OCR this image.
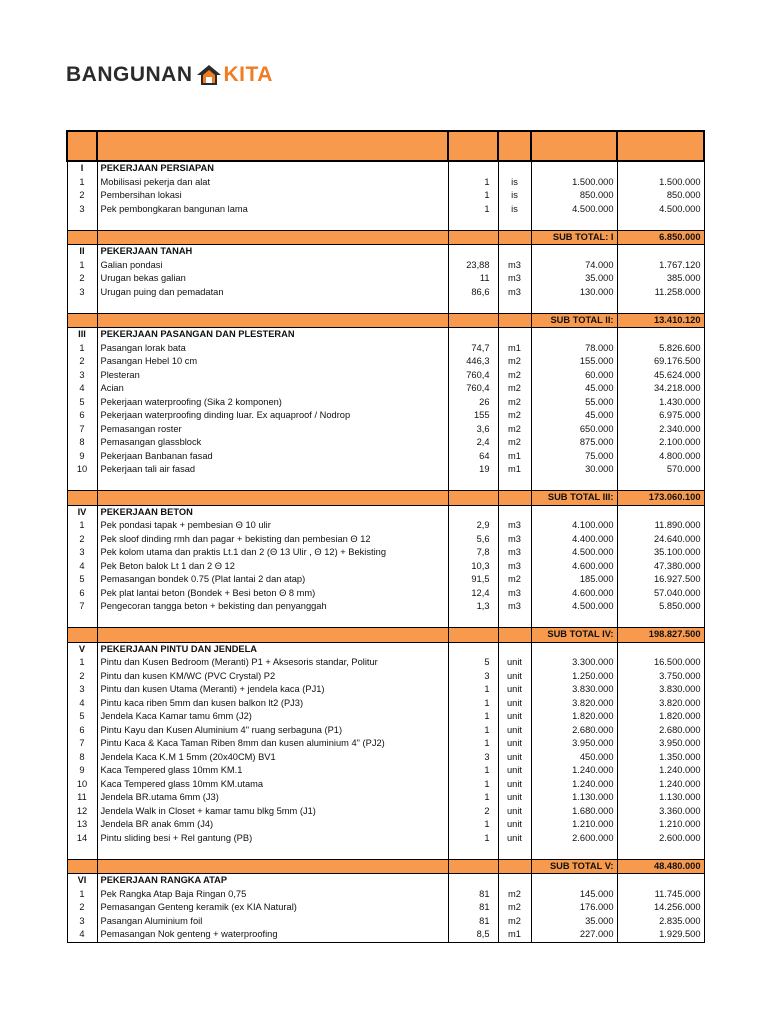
BANGUNAN KITA

I	PEKERJAAN PERSIAPAN				
1	Mobilisasi pekerja dan alat	1	is	1.500.000	1.500.000
2	Pembersihan lokasi	1	is	850.000	850.000
3	Pek pembongkaran bangunan lama	1	is	4.500.000	4.500.000

				SUB TOTAL: I	6.850.000
II	PEKERJAAN TANAH				
1	Galian pondasi	23,88	m3	74.000	1.767.120
2	Urugan bekas galian	11	m3	35.000	385.000
3	Urugan puing dan pemadatan	86,6	m3	130.000	11.258.000

				SUB TOTAL II:	13.410.120
III	PEKERJAAN PASANGAN DAN PLESTERAN				
1	Pasangan lorak bata	74,7	m1	78.000	5.826.600
2	Pasangan Hebel 10 cm	446,3	m2	155.000	69.176.500
3	Plesteran	760,4	m2	60.000	45.624.000
4	Acian	760,4	m2	45.000	34.218.000
5	Pekerjaan waterproofing (Sika 2 komponen)	26	m2	55.000	1.430.000
6	Pekerjaan waterproofing dinding luar. Ex aquaproof / Nodrop	155	m2	45.000	6.975.000
7	Pemasangan roster	3,6	m2	650.000	2.340.000
8	Pemasangan glassblock	2,4	m2	875.000	2.100.000
9	Pekerjaan Banbanan fasad	64	m1	75.000	4.800.000
10	Pekerjaan tali air fasad	19	m1	30.000	570.000

				SUB TOTAL III:	173.060.100
IV	PEKERJAAN BETON				
1	Pek pondasi tapak + pembesian Θ 10 ulir	2,9	m3	4.100.000	11.890.000
2	Pek sloof dinding rmh dan pagar + bekisting dan pembesian Θ 12	5,6	m3	4.400.000	24.640.000
3	Pek kolom utama dan praktis Lt.1 dan 2 (Θ 13 Ulir , Θ 12) + Bekisting	7,8	m3	4.500.000	35.100.000
4	Pek Beton balok Lt 1 dan 2 Θ 12	10,3	m3	4.600.000	47.380.000
5	Pemasangan bondek 0.75 (Plat lantai 2 dan atap)	91,5	m2	185.000	16.927.500
6	Pek plat lantai beton (Bondek + Besi beton Θ 8 mm)	12,4	m3	4.600.000	57.040.000
7	Pengecoran tangga beton + bekisting dan penyanggah	1,3	m3	4.500.000	5.850.000

				SUB TOTAL IV:	198.827.500
V	PEKERJAAN PINTU DAN JENDELA				
1	Pintu dan Kusen Bedroom (Meranti) P1 + Aksesoris standar, Politur	5	unit	3.300.000	16.500.000
2	Pintu dan kusen KM/WC (PVC Crystal) P2	3	unit	1.250.000	3.750.000
3	Pintu dan kusen Utama (Meranti) + jendela kaca (PJ1)	1	unit	3.830.000	3.830.000
4	Pintu kaca riben 5mm dan kusen balkon lt2 (PJ3)	1	unit	3.820.000	3.820.000
5	Jendela Kaca Kamar tamu 6mm (J2)	1	unit	1.820.000	1.820.000
6	Pintu Kayu dan Kusen Aluminium 4" ruang serbaguna (P1)	1	unit	2.680.000	2.680.000
7	Pintu Kaca & Kaca Taman Riben 8mm dan kusen aluminium 4" (PJ2)	1	unit	3.950.000	3.950.000
8	Jendela Kaca K.M 1 5mm (20x40CM) BV1	3	unit	450.000	1.350.000
9	Kaca Tempered glass 10mm KM.1	1	unit	1.240.000	1.240.000
10	Kaca Tempered glass 10mm KM.utama	1	unit	1.240.000	1.240.000
11	Jendela BR.utama 6mm (J3)	1	unit	1.130.000	1.130.000
12	Jendela Walk in Closet + kamar tamu blkg 5mm (J1)	2	unit	1.680.000	3.360.000
13	Jendela BR anak 6mm (J4)	1	unit	1.210.000	1.210.000
14	Pintu sliding besi + Rel gantung (PB)	1	unit	2.600.000	2.600.000

				SUB TOTAL V:	48.480.000
VI	PEKERJAAN RANGKA ATAP				
1	Pek Rangka Atap Baja Ringan 0,75	81	m2	145.000	11.745.000
2	Pemasangan Genteng keramik (ex KIA Natural)	81	m2	176.000	14.256.000
3	Pasangan Aluminium foil	81	m2	35.000	2.835.000
4	Pemasangan Nok genteng + waterproofing	8,5	m1	227.000	1.929.500
